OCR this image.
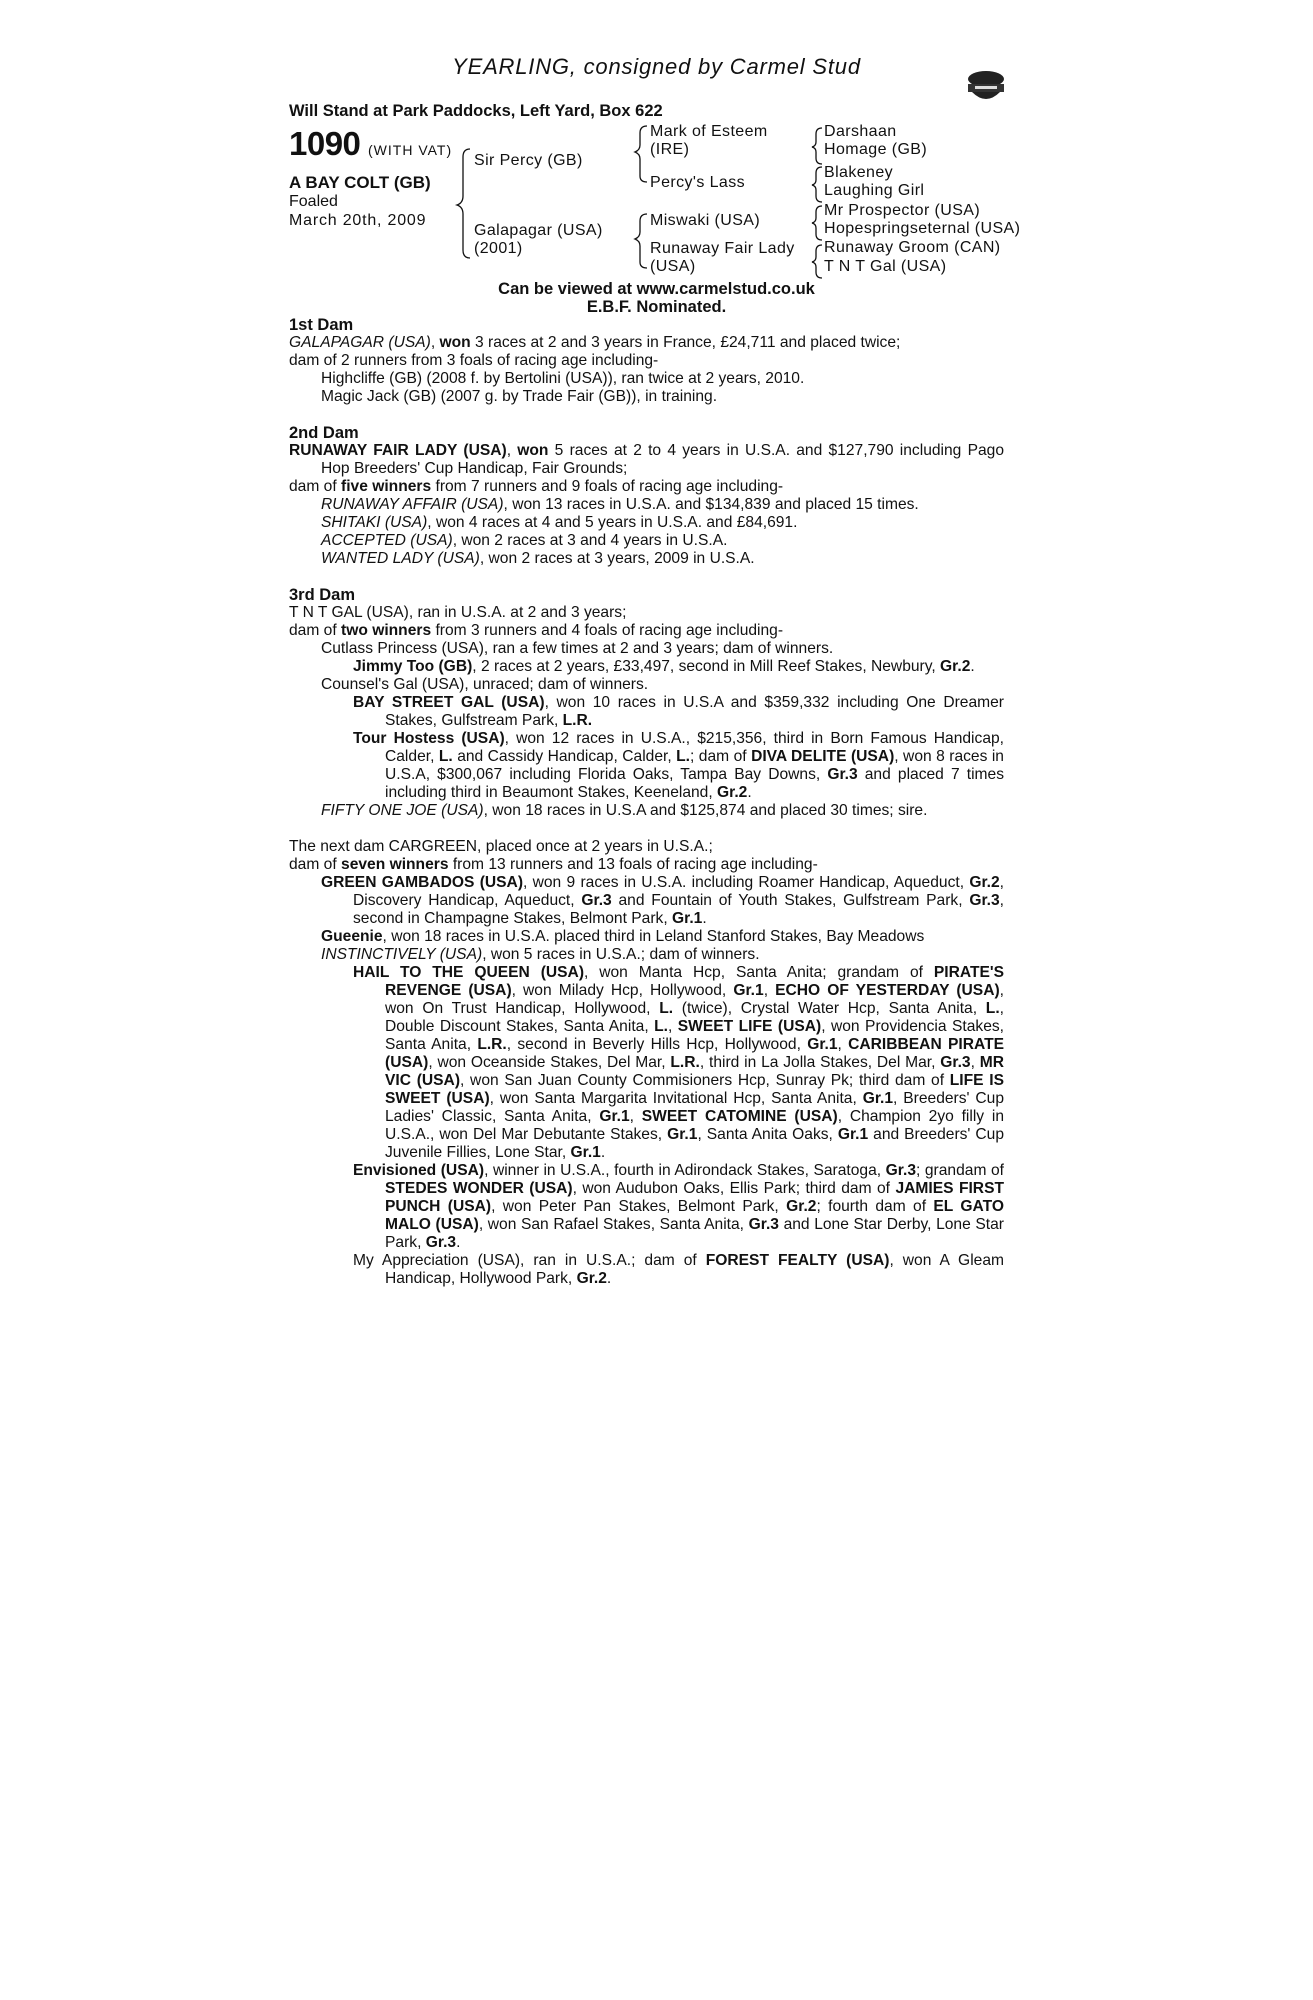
YEARLING, consigned by Carmel Stud
Will Stand at Park Paddocks, Left Yard, Box 622
1090 (WITH VAT)
A BAY COLT (GB)
Foaled
March 20th, 2009
Sir Percy (GB)
Galapagar (USA)
(2001)
Mark of Esteem
(IRE)
Percy's Lass
Miswaki (USA)
Runaway Fair Lady
(USA)
Darshaan
Homage (GB)
Blakeney
Laughing Girl
Mr Prospector (USA)
Hopespringseternal (USA)
Runaway Groom (CAN)
T N T Gal (USA)
Can be viewed at www.carmelstud.co.uk
E.B.F. Nominated.

1st Dam

GALAPAGAR (USA), won 3 races at 2 and 3 years in France, £24,711 and placed twice;

dam of 2 runners from 3 foals of racing age including-

Highcliffe (GB) (2008 f. by Bertolini (USA)), ran twice at 2 years, 2010.

Magic Jack (GB) (2007 g. by Trade Fair (GB)), in training.

2nd Dam

RUNAWAY FAIR LADY (USA), won 5 races at 2 to 4 years in U.S.A. and $127,790 including Pago Hop Breeders' Cup Handicap, Fair Grounds;

dam of five winners from 7 runners and 9 foals of racing age including-

RUNAWAY AFFAIR (USA), won 13 races in U.S.A. and $134,839 and placed 15 times.

SHITAKI (USA), won 4 races at 4 and 5 years in U.S.A. and £84,691.

ACCEPTED (USA), won 2 races at 3 and 4 years in U.S.A.

WANTED LADY (USA), won 2 races at 3 years, 2009 in U.S.A.

3rd Dam

T N T GAL (USA), ran in U.S.A. at 2 and 3 years;

dam of two winners from 3 runners and 4 foals of racing age including-

Cutlass Princess (USA), ran a few times at 2 and 3 years; dam of winners.

Jimmy Too (GB), 2 races at 2 years, £33,497, second in Mill Reef Stakes, Newbury, Gr.2.

Counsel's Gal (USA), unraced; dam of winners.

BAY STREET GAL (USA), won 10 races in U.S.A and $359,332 including One Dreamer Stakes, Gulfstream Park, L.R.

Tour Hostess (USA), won 12 races in U.S.A., $215,356, third in Born Famous Handicap, Calder, L. and Cassidy Handicap, Calder, L.; dam of DIVA DELITE (USA), won 8 races in U.S.A, $300,067 including Florida Oaks, Tampa Bay Downs, Gr.3 and placed 7 times including third in Beaumont Stakes, Keeneland, Gr.2.

FIFTY ONE JOE (USA), won 18 races in U.S.A and $125,874 and placed 30 times; sire.

The next dam CARGREEN, placed once at 2 years in U.S.A.;

dam of seven winners from 13 runners and 13 foals of racing age including-

GREEN GAMBADOS (USA), won 9 races in U.S.A. including Roamer Handicap, Aqueduct, Gr.2, Discovery Handicap, Aqueduct, Gr.3 and Fountain of Youth Stakes, Gulfstream Park, Gr.3, second in Champagne Stakes, Belmont Park, Gr.1.

Gueenie, won 18 races in U.S.A. placed third in Leland Stanford Stakes, Bay Meadows

INSTINCTIVELY (USA), won 5 races in U.S.A.; dam of winners.

HAIL TO THE QUEEN (USA), won Manta Hcp, Santa Anita; grandam of PIRATE'S REVENGE (USA), won Milady Hcp, Hollywood, Gr.1, ECHO OF YESTERDAY (USA), won On Trust Handicap, Hollywood, L. (twice), Crystal Water Hcp, Santa Anita, L., Double Discount Stakes, Santa Anita, L., SWEET LIFE (USA), won Providencia Stakes, Santa Anita, L.R., second in Beverly Hills Hcp, Hollywood, Gr.1, CARIBBEAN PIRATE (USA), won Oceanside Stakes, Del Mar, L.R., third in La Jolla Stakes, Del Mar, Gr.3, MR VIC (USA), won San Juan County Commisioners Hcp, Sunray Pk; third dam of LIFE IS SWEET (USA), won Santa Margarita Invitational Hcp, Santa Anita, Gr.1, Breeders' Cup Ladies' Classic, Santa Anita, Gr.1, SWEET CATOMINE (USA), Champion 2yo filly in U.S.A., won Del Mar Debutante Stakes, Gr.1, Santa Anita Oaks, Gr.1 and Breeders' Cup Juvenile Fillies, Lone Star, Gr.1.

Envisioned (USA), winner in U.S.A., fourth in Adirondack Stakes, Saratoga, Gr.3; grandam of STEDES WONDER (USA), won Audubon Oaks, Ellis Park; third dam of JAMIES FIRST PUNCH (USA), won Peter Pan Stakes, Belmont Park, Gr.2; fourth dam of EL GATO MALO (USA), won San Rafael Stakes, Santa Anita, Gr.3 and Lone Star Derby, Lone Star Park, Gr.3.

My Appreciation (USA), ran in U.S.A.; dam of FOREST FEALTY (USA), won A Gleam Handicap, Hollywood Park, Gr.2.
